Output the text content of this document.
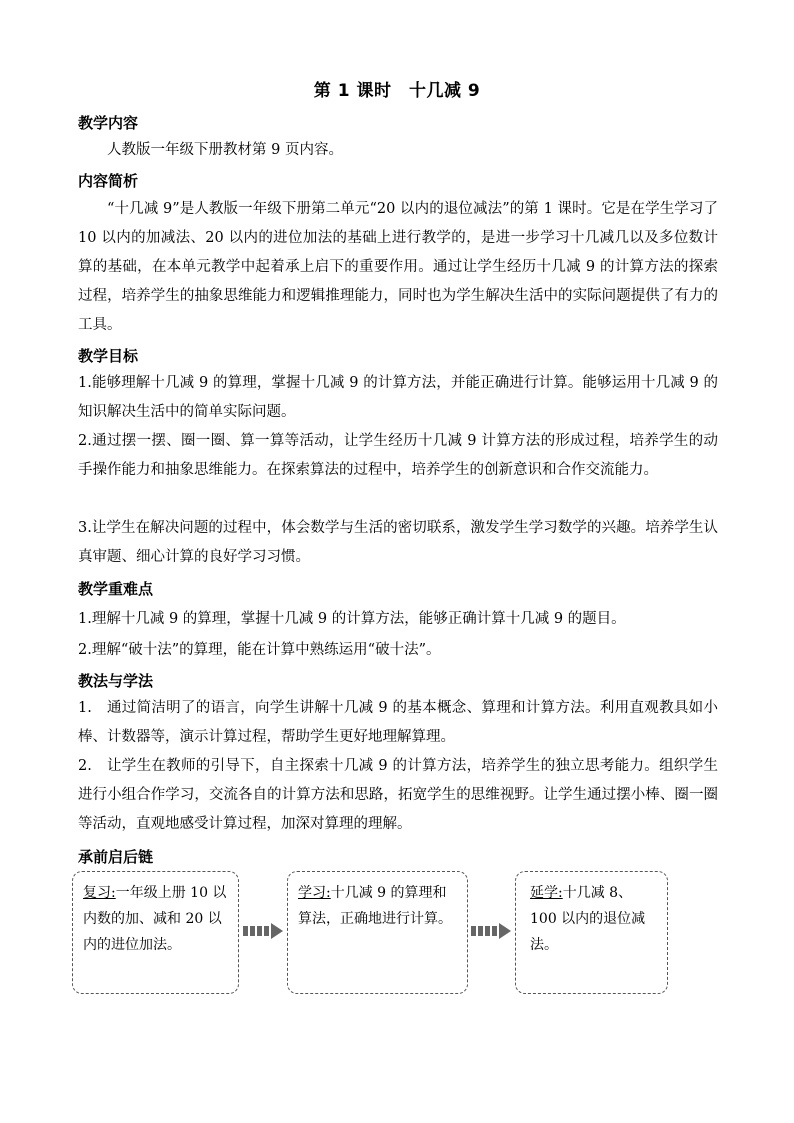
第 1 课时　十几减 9
教学内容
人教版一年级下册教材第 9 页内容。
内容简析
“十几减 9”是人教版一年级下册第二单元“20 以内的退位减法”的第 1 课时。它是在学生学习了 10 以内的加减法、20 以内的进位加法的基础上进行教学的，是进一步学习十几减几以及多位数计算的基础，在本单元教学中起着承上启下的重要作用。通过让学生经历十几减 9 的计算方法的探索过程，培养学生的抽象思维能力和逻辑推理能力，同时也为学生解决生活中的实际问题提供了有力的工具。
教学目标
1.能够理解十几减 9 的算理，掌握十几减 9 的计算方法，并能正确进行计算。能够运用十几减 9 的知识解决生活中的简单实际问题。
2.通过摆一摆、圈一圈、算一算等活动，让学生经历十几减 9 计算方法的形成过程，培养学生的动手操作能力和抽象思维能力。在探索算法的过程中，培养学生的创新意识和合作交流能力。
3.让学生在解决问题的过程中，体会数学与生活的密切联系，激发学生学习数学的兴趣。培养学生认真审题、细心计算的良好学习习惯。
教学重难点
1.理解十几减 9 的算理，掌握十几减 9 的计算方法，能够正确计算十几减 9 的题目。
2.理解“破十法”的算理，能在计算中熟练运用“破十法”。
教法与学法
1.　通过简洁明了的语言，向学生讲解十几减 9 的基本概念、算理和计算方法。利用直观教具如小棒、计数器等，演示计算过程，帮助学生更好地理解算理。
2.　让学生在教师的引导下，自主探索十几减 9 的计算方法，培养学生的独立思考能力。组织学生进行小组合作学习，交流各自的计算方法和思路，拓宽学生的思维视野。让学生通过摆小棒、圈一圈等活动，直观地感受计算过程，加深对算理的理解。
承前启后链
复习:一年级上册 10 以内数的加、减和 20 以内的进位加法。
学习:十几减 9 的算理和算法，正确地进行计算。
延学:十几减 8、100 以内的退位减法。
